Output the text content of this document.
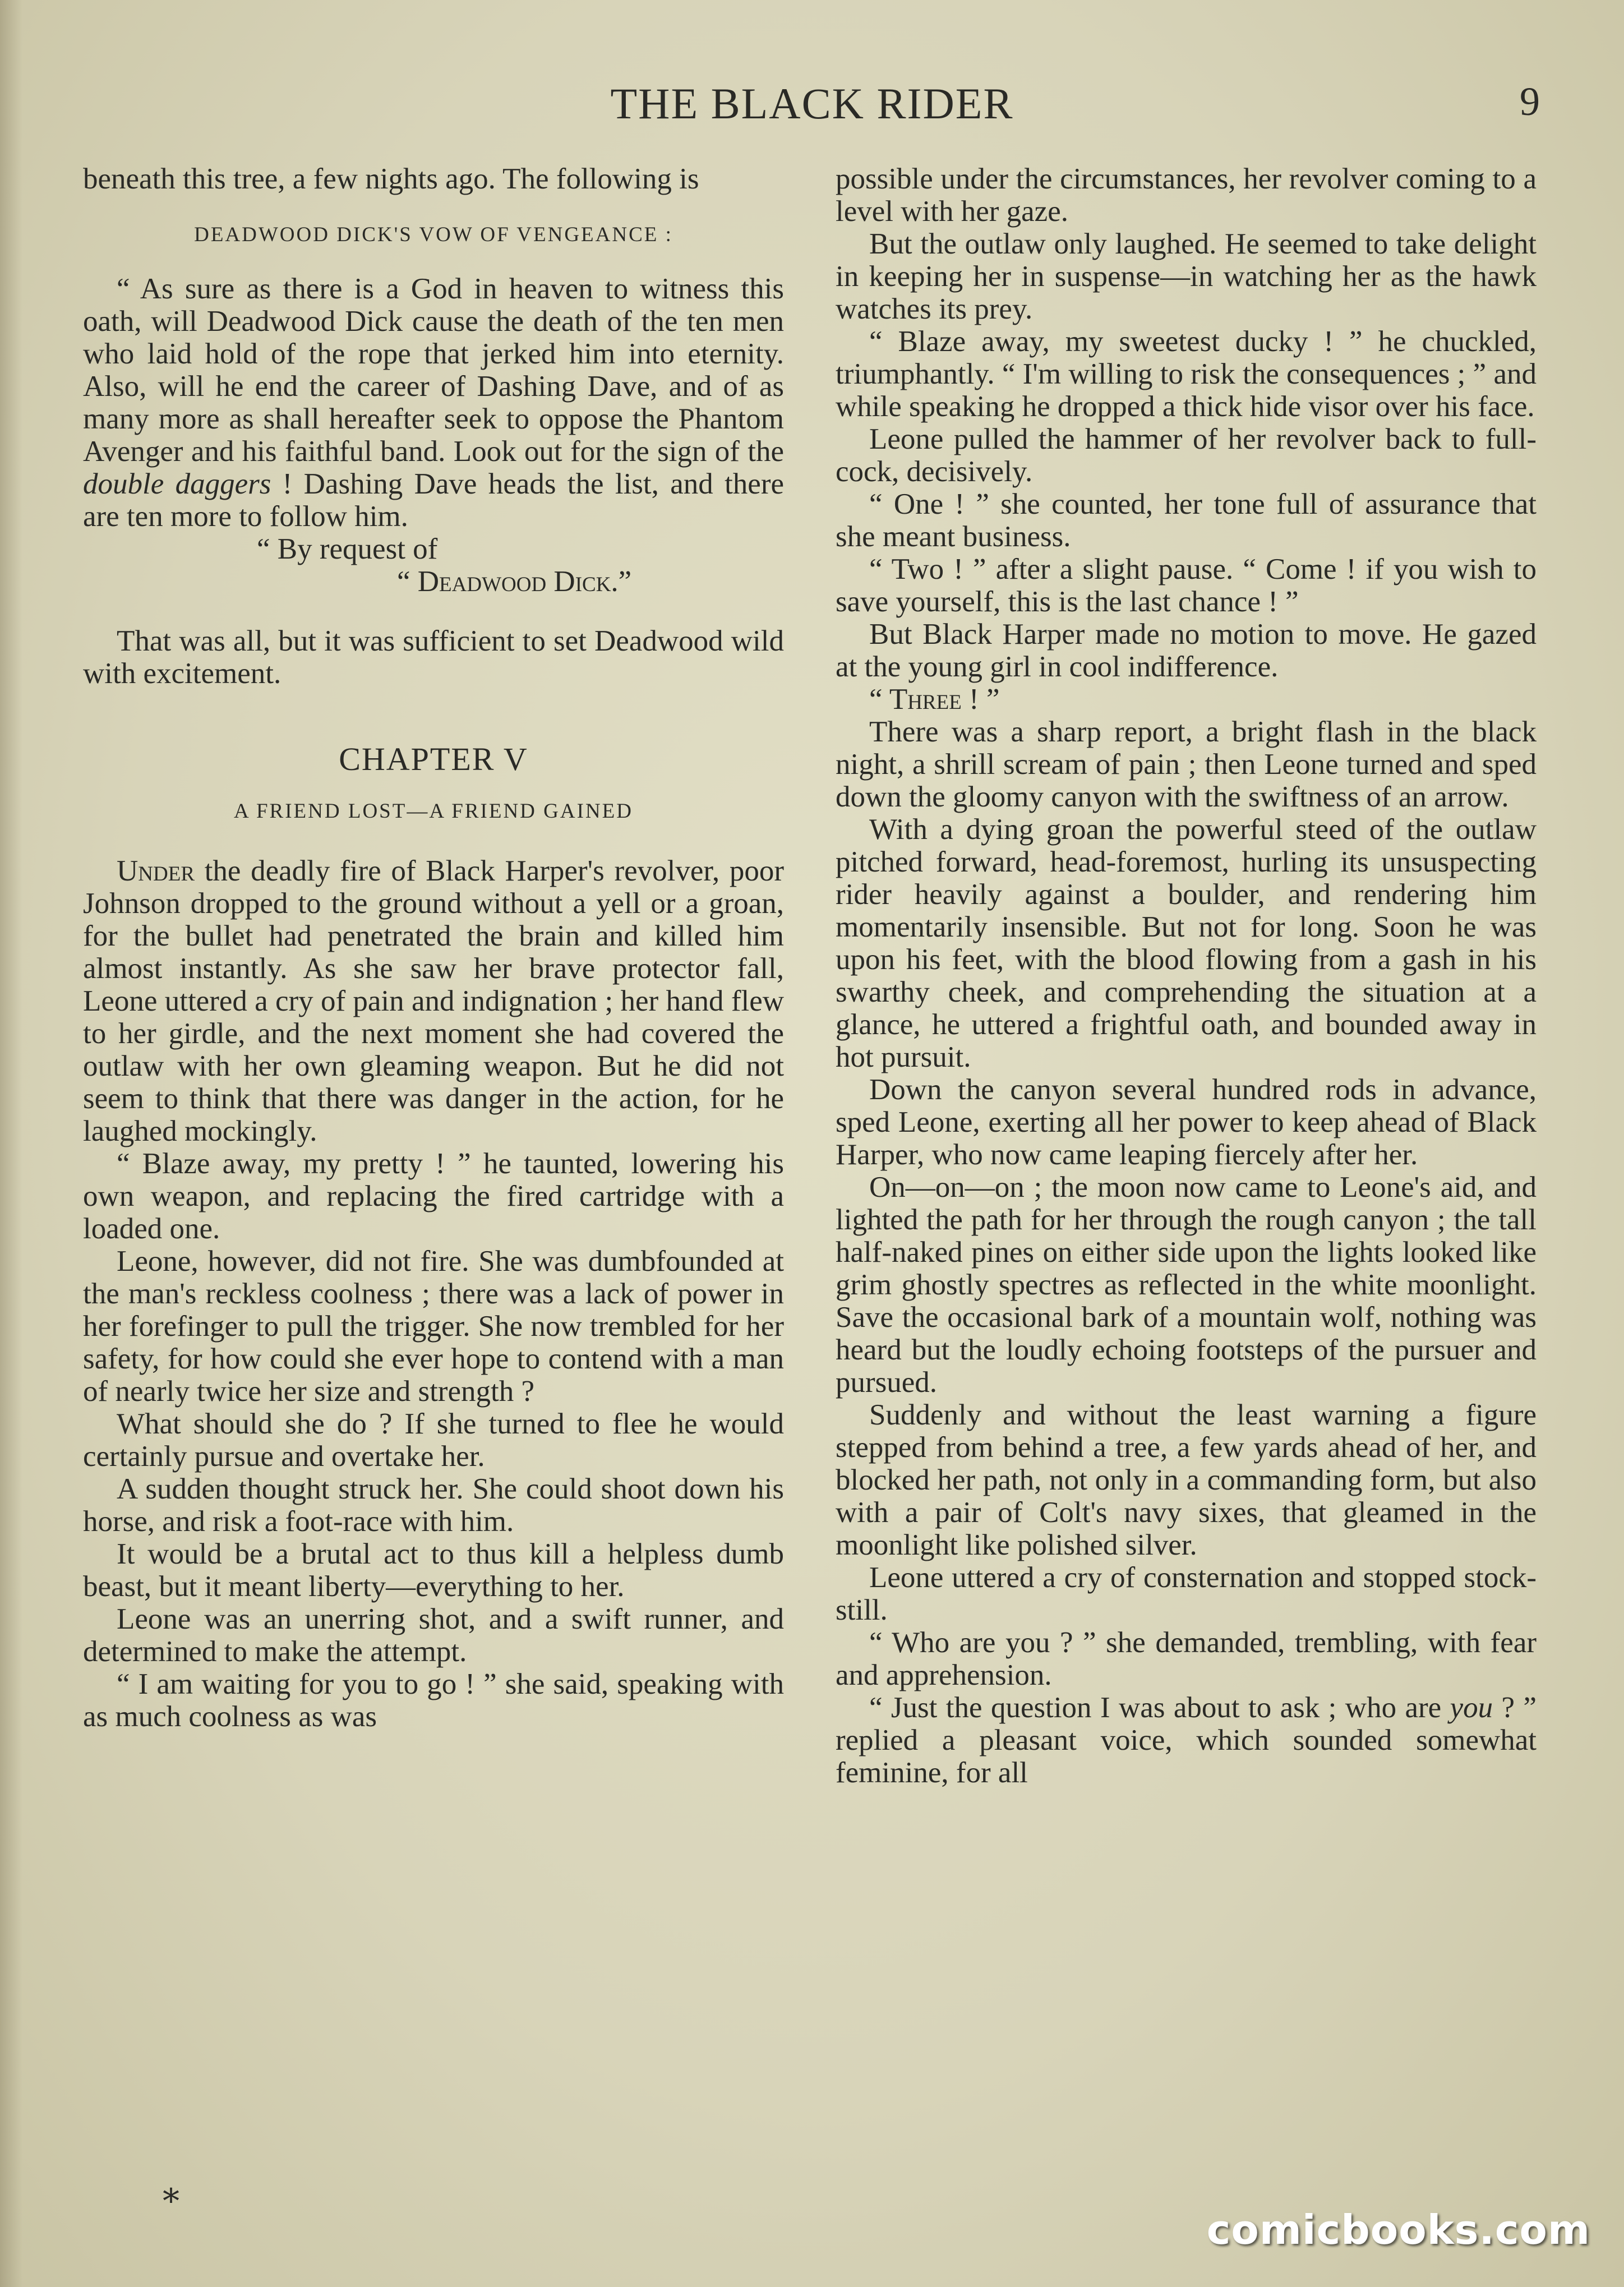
THE BLACK RIDER	9

beneath this tree, a few nights ago. The following is

DEADWOOD DICK'S VOW OF VENGEANCE :

“ As sure as there is a God in heaven to witness this oath, will Deadwood Dick cause the death of the ten men who laid hold of the rope that jerked him into eternity. Also, will he end the career of Dashing Dave, and of as many more as shall hereafter seek to oppose the Phantom Avenger and his faithful band. Look out for the sign of the double daggers ! Dashing Dave heads the list, and there are ten more to follow him.

“ By request of

“ Deadwood Dick.”

That was all, but it was sufficient to set Deadwood wild with excitement.

CHAPTER V
A FRIEND LOST—A FRIEND GAINED

Under the deadly fire of Black Harper's revolver, poor Johnson dropped to the ground without a yell or a groan, for the bullet had penetrated the brain and killed him almost instantly. As she saw her brave protector fall, Leone uttered a cry of pain and indignation ; her hand flew to her girdle, and the next moment she had covered the outlaw with her own gleaming weapon. But he did not seem to think that there was danger in the action, for he laughed mockingly.

“ Blaze away, my pretty ! ” he taunted, lowering his own weapon, and replacing the fired cartridge with a loaded one.

Leone, however, did not fire. She was dumbfounded at the man's reckless coolness ; there was a lack of power in her forefinger to pull the trigger. She now trembled for her safety, for how could she ever hope to contend with a man of nearly twice her size and strength ?

What should she do ? If she turned to flee he would certainly pursue and overtake her.

A sudden thought struck her. She could shoot down his horse, and risk a foot-race with him.

It would be a brutal act to thus kill a helpless dumb beast, but it meant liberty—everything to her.

Leone was an unerring shot, and a swift runner, and determined to make the attempt.

“ I am waiting for you to go ! ” she said, speaking with as much coolness as was

possible under the circumstances, her revolver coming to a level with her gaze.

But the outlaw only laughed. He seemed to take delight in keeping her in suspense—in watching her as the hawk watches its prey.

“ Blaze away, my sweetest ducky ! ” he chuckled, triumphantly. “ I'm willing to risk the consequences ; ” and while speaking he dropped a thick hide visor over his face.

Leone pulled the hammer of her revolver back to full-cock, decisively.

“ One ! ” she counted, her tone full of assurance that she meant business.

“ Two ! ” after a slight pause. “ Come ! if you wish to save yourself, this is the last chance ! ”

But Black Harper made no motion to move. He gazed at the young girl in cool indifference.

“ Three ! ”

There was a sharp report, a bright flash in the black night, a shrill scream of pain ; then Leone turned and sped down the gloomy canyon with the swiftness of an arrow.

With a dying groan the powerful steed of the outlaw pitched forward, head-foremost, hurling its unsuspecting rider heavily against a boulder, and rendering him momentarily insensible. But not for long. Soon he was upon his feet, with the blood flowing from a gash in his swarthy cheek, and comprehending the situation at a glance, he uttered a frightful oath, and bounded away in hot pursuit.

Down the canyon several hundred rods in advance, sped Leone, exerting all her power to keep ahead of Black Harper, who now came leaping fiercely after her.

On—on—on ; the moon now came to Leone's aid, and lighted the path for her through the rough canyon ; the tall half-naked pines on either side upon the lights looked like grim ghostly spectres as reflected in the white moonlight. Save the occasional bark of a mountain wolf, nothing was heard but the loudly echoing footsteps of the pursuer and pursued.

Suddenly and without the least warning a figure stepped from behind a tree, a few yards ahead of her, and blocked her path, not only in a commanding form, but also with a pair of Colt's navy sixes, that gleamed in the moonlight like polished silver.

Leone uttered a cry of consternation and stopped stock-still.

“ Who are you ? ” she demanded, trembling, with fear and apprehension.

“ Just the question I was about to ask ; who are you ? ” replied a pleasant voice, which sounded somewhat feminine, for all

*
comicbooks.com
